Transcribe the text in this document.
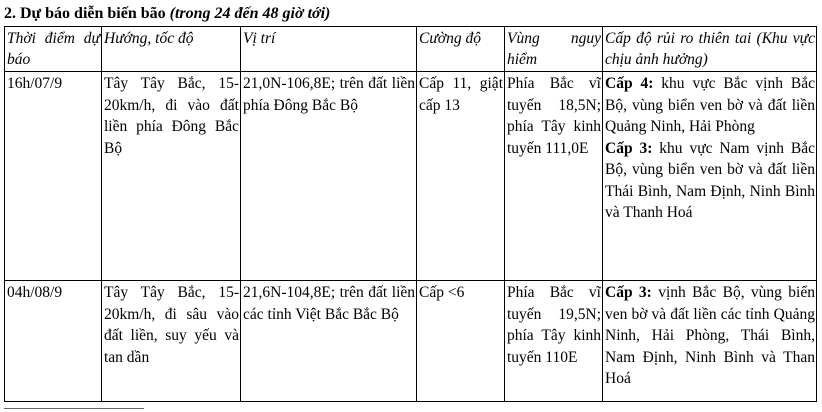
2. Dự báo diễn biến bão (trong 24 đến 48 giờ tới)
Thời điểm dự báo	Hướng, tốc độ	Vị trí	Cường độ	Vùng nguy hiểm	Cấp độ rủi ro thiên tai (Khu vực chịu ảnh hưởng)
16h/07/9	Tây Tây Bắc, 15-20km/h, đi vào đất liền phía Đông Bắc Bộ	21,0N-106,8E; trên đất liền phía Đông Bắc Bộ	Cấp 11, giật cấp 13	Phía Bắc vĩ tuyến 18,5N; phía Tây kinh tuyến 111,0E	Cấp 4: khu vực Bắc vịnh Bắc Bộ, vùng biển ven bờ và đất liền Quảng Ninh, Hải Phòng
Cấp 3: khu vực Nam vịnh Bắc Bộ, vùng biển ven bờ và đất liền Thái Bình, Nam Định, Ninh Bình và Thanh Hoá

04h/08/9	Tây Tây Bắc, 15-20km/h, đi sâu vào đất liền, suy yếu và tan dần	21,6N-104,8E; trên đất liền các tỉnh Việt Bắc Bắc Bộ	Cấp <6	Phía Bắc vĩ tuyến 19,5N; phía Tây kinh tuyến 110E	Cấp 3: vịnh Bắc Bộ, vùng biển ven bờ và đất liền các tỉnh Quảng Ninh, Hải Phòng, Thái Bình, Nam Định, Ninh Bình và Than Hoá
